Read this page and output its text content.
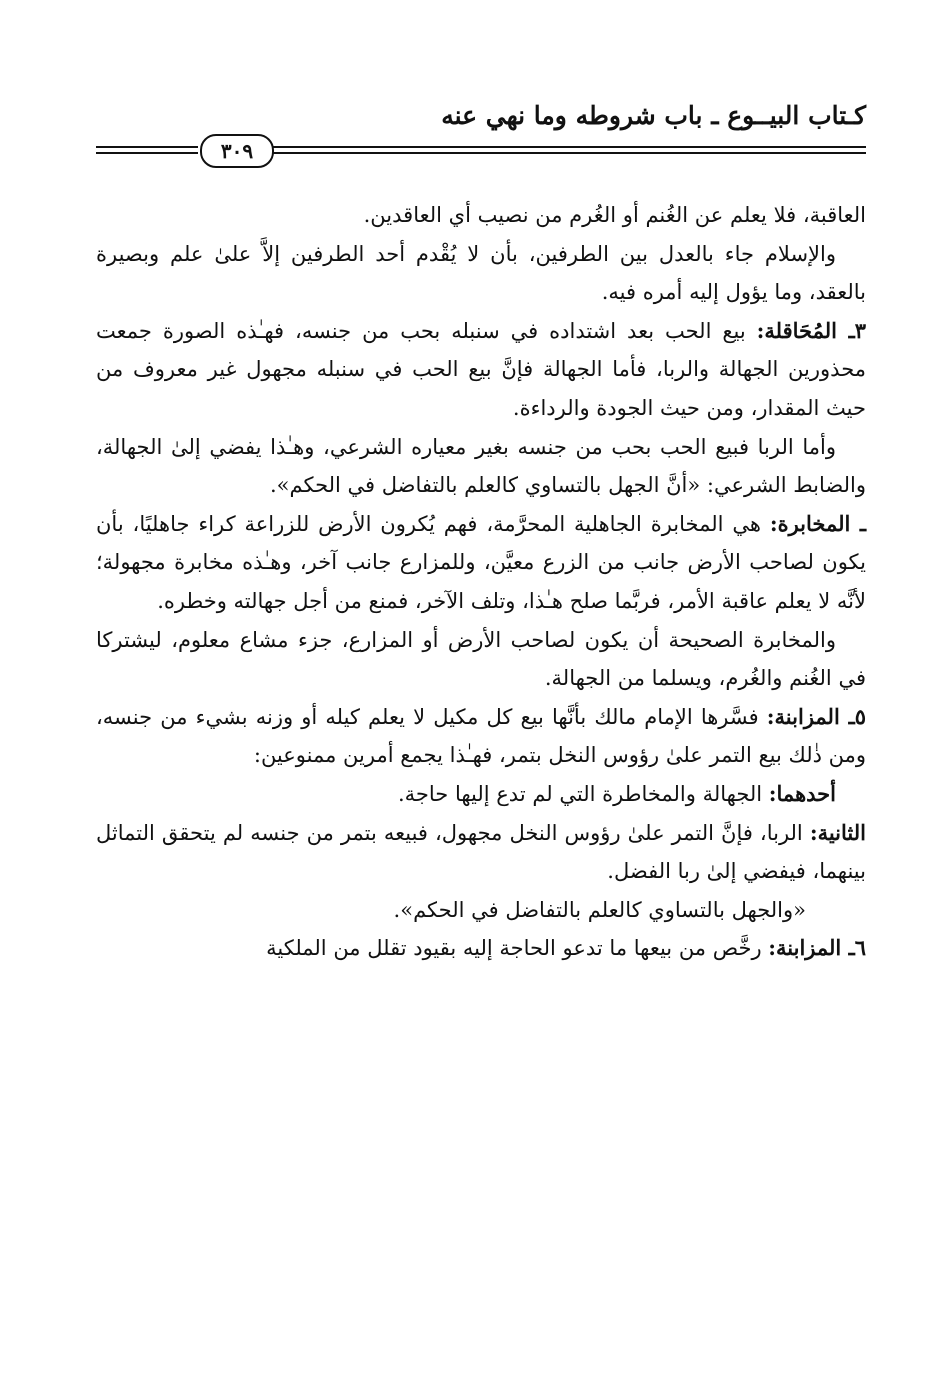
كـتاب البيــوع ـ باب شروطه وما نهي عنه
٣٠٩

العاقبة، فلا يعلم عن الغُنم أو الغُرم من نصيب أي العاقدين.

والإسلام جاء بالعدل بين الطرفين، بأن لا يُقْدم أحد الطرفين إلاَّ علىٰ علم وبصيرة بالعقد، وما يؤول إليه أمره فيه.

٣ـ المُحَاقلة: بيع الحب بعد اشتداده في سنبله بحب من جنسه، فهـٰذه الصورة جمعت محذورين الجهالة والربا، فأما الجهالة فإنَّ بيع الحب في سنبله مجهول غير معروف من حيث المقدار، ومن حيث الجودة والرداءة.

وأما الربا فبيع الحب بحب من جنسه بغير معياره الشرعي، وهـٰذا يفضي إلىٰ الجهالة، والضابط الشرعي: «أنَّ الجهل بالتساوي كالعلم بالتفاضل في الحكم».

ـ المخابرة: هي المخابرة الجاهلية المحرَّمة، فهم يُكرون الأرض للزراعة كراء جاهليًا، بأن يكون لصاحب الأرض جانب من الزرع معيَّن، وللمزارع جانب آخر، وهـٰذه مخابرة مجهولة؛ لأنَّه لا يعلم عاقبة الأمر، فربَّما صلح هـٰذا، وتلف الآخر، فمنع من أجل جهالته وخطره.

والمخابرة الصحيحة أن يكون لصاحب الأرض أو المزارع، جزء مشاع معلوم، ليشتركا في الغُنم والغُرم، ويسلما من الجهالة.

٥ـ المزابنة: فسَّرها الإمام مالك بأنَّها بيع كل مكيل لا يعلم كيله أو وزنه بشيء من جنسه، ومن ذٰلك بيع التمر علىٰ رؤوس النخل بتمر، فهـٰذا يجمع أمرين ممنوعين:

أحدهما: الجهالة والمخاطرة التي لم تدع إليها حاجة.

الثانية: الربا، فإنَّ التمر علىٰ رؤوس النخل مجهول، فبيعه بتمر من جنسه لم يتحقق التماثل بينهما، فيفضي إلىٰ ربا الفضل.

«والجهل بالتساوي كالعلم بالتفاضل في الحكم».

٦ـ المزابنة: رخَّص من بيعها ما تدعو الحاجة إليه بقيود تقلل من الملكية
